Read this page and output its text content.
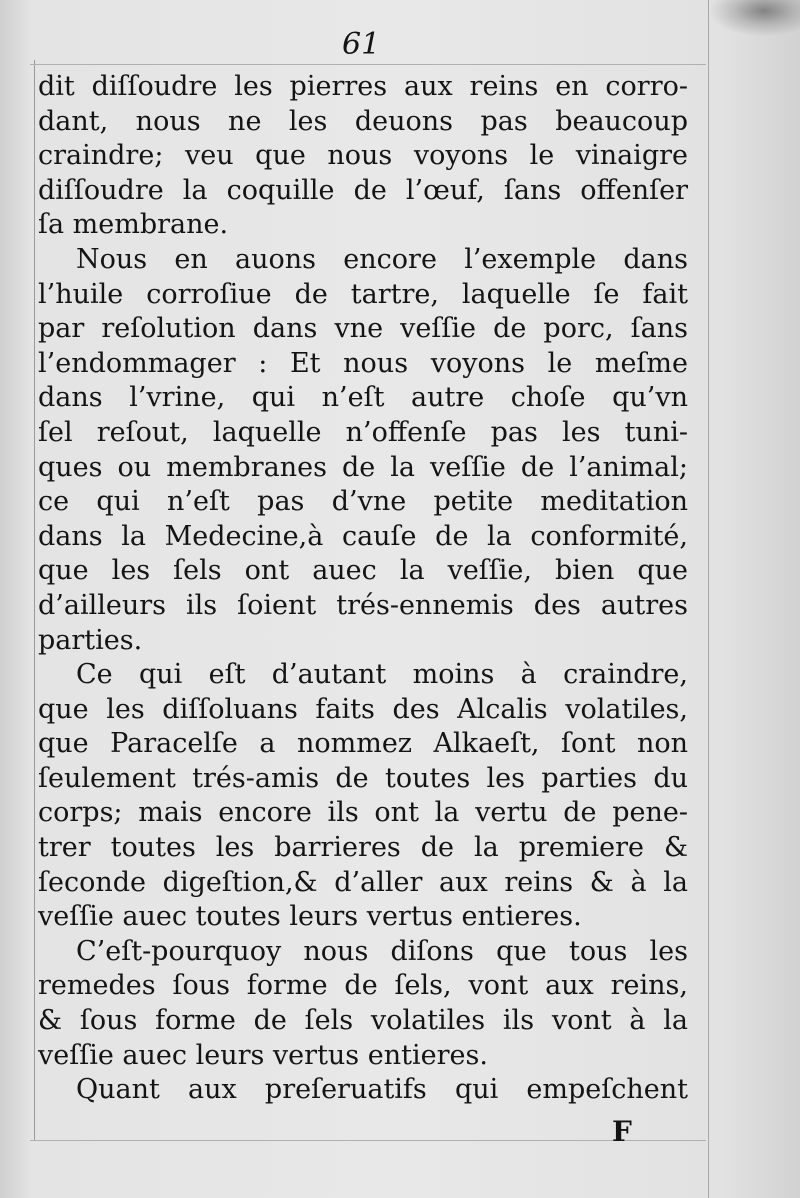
61
dit diſſoudre les pierres aux reins en corro-
dant, nous ne les deuons pas beaucoup
craindre; veu que nous voyons le vinaigre
diſſoudre la coquille de l’œuf, ſans offenſer
ſa membrane.
Nous en auons encore l’exemple dans
l’huile corroſiue de tartre, laquelle ſe fait
par reſolution dans vne veſſie de porc, ſans
l’endommager : Et nous voyons le meſme
dans l’vrine, qui n’eſt autre choſe qu’vn
ſel reſout, laquelle n’offenſe pas les tuni-
ques ou membranes de la veſſie de l’animal;
ce qui n’eſt pas d’vne petite meditation
dans la Medecine,à cauſe de la conformité,
que les ſels ont auec la veſſie, bien que
d’ailleurs ils ſoient trés-ennemis des autres
parties.
Ce qui eſt d’autant moins à craindre,
que les diſſoluans faits des Alcalis volatiles,
que Paracelſe a nommez Alkaeſt, ſont non
ſeulement trés-amis de toutes les parties du
corps; mais encore ils ont la vertu de pene-
trer toutes les barrieres de la premiere &
ſeconde digeſtion,& d’aller aux reins & à la
veſſie auec toutes leurs vertus entieres.
C’eſt-pourquoy nous diſons que tous les
remedes ſous forme de ſels, vont aux reins,
& ſous forme de ſels volatiles ils vont à la
veſſie auec leurs vertus entieres.
Quant aux preſeruatifs qui empeſchent
F
